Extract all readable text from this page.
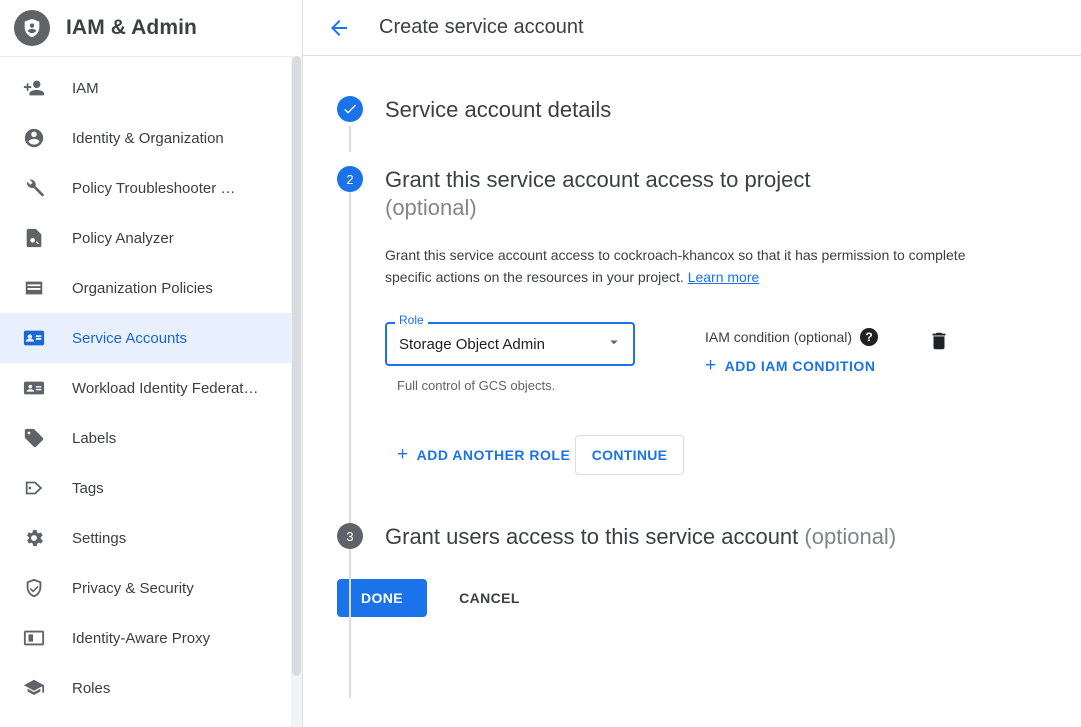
IAM & Admin
IAM
Identity & Organization
Policy Troubleshooter …
Policy Analyzer
Organization Policies
Service Accounts
Workload Identity Federat…
Labels
Tags
Settings
Privacy & Security
Identity-Aware Proxy
Roles
Create service account
Service account details
2	Grant this service account access to project
(optional)
Grant this service account access to cockroach-khancox so that it has permission to complete specific actions on the resources in your project. Learn more
Role
Storage Object Admin
Full control of GCS objects.
IAM condition (optional)	?
+ ADD IAM CONDITION
+ ADD ANOTHER ROLE CONTINUE
3	Grant users access to this service account (optional)
DONE	CANCEL
